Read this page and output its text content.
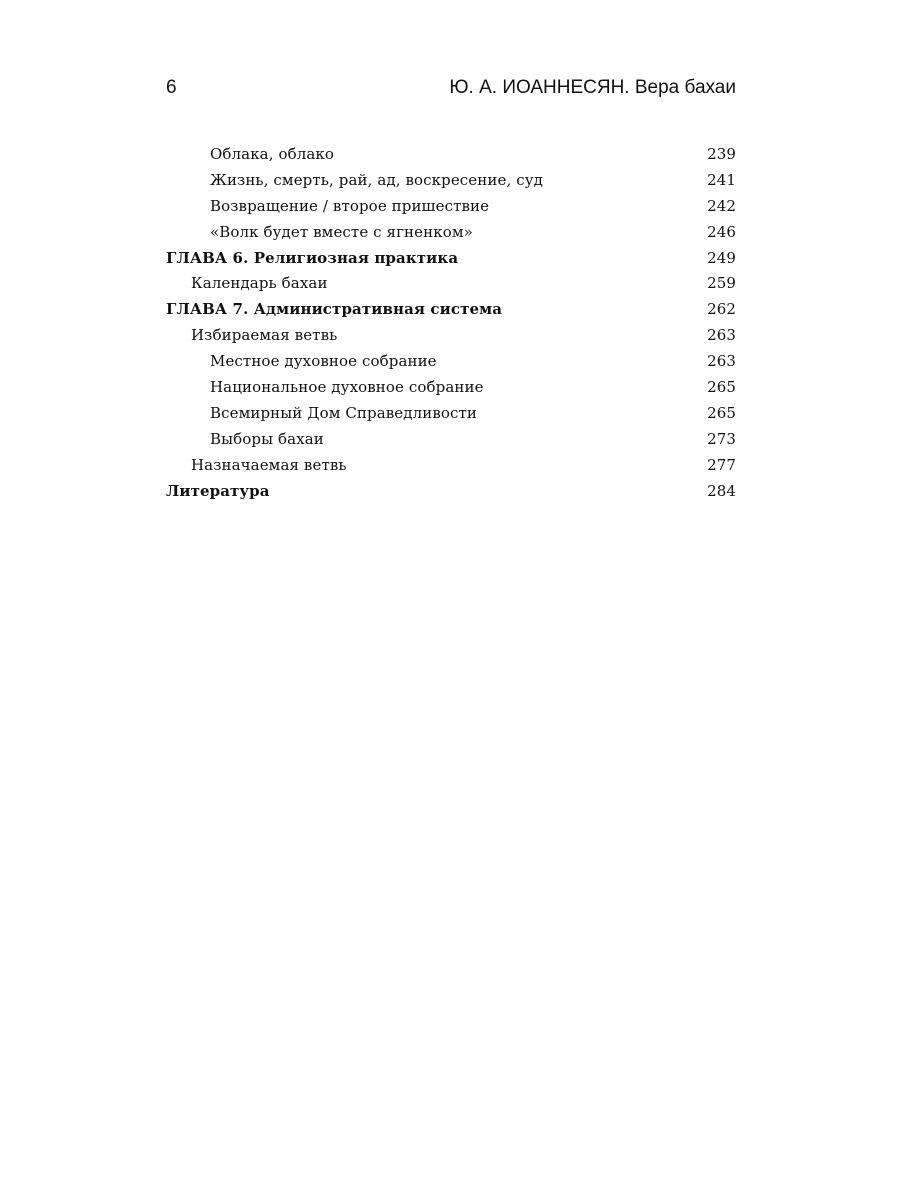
6	Ю. А. ИОАННЕСЯН. Вера бахаи
Облака, облако	239
Жизнь, смерть, рай, ад, воскресение, суд	241
Возвращение / второе пришествие	242
«Волк будет вместе с ягненком»	246
ГЛАВА 6. Религиозная практика	249
Календарь бахаи	259
ГЛАВА 7. Административная система	262
Избираемая ветвь	263
Местное духовное собрание	263
Национальное духовное собрание	265
Всемирный Дом Справедливости	265
Выборы бахаи	273
Назначаемая ветвь	277
Литература	284
